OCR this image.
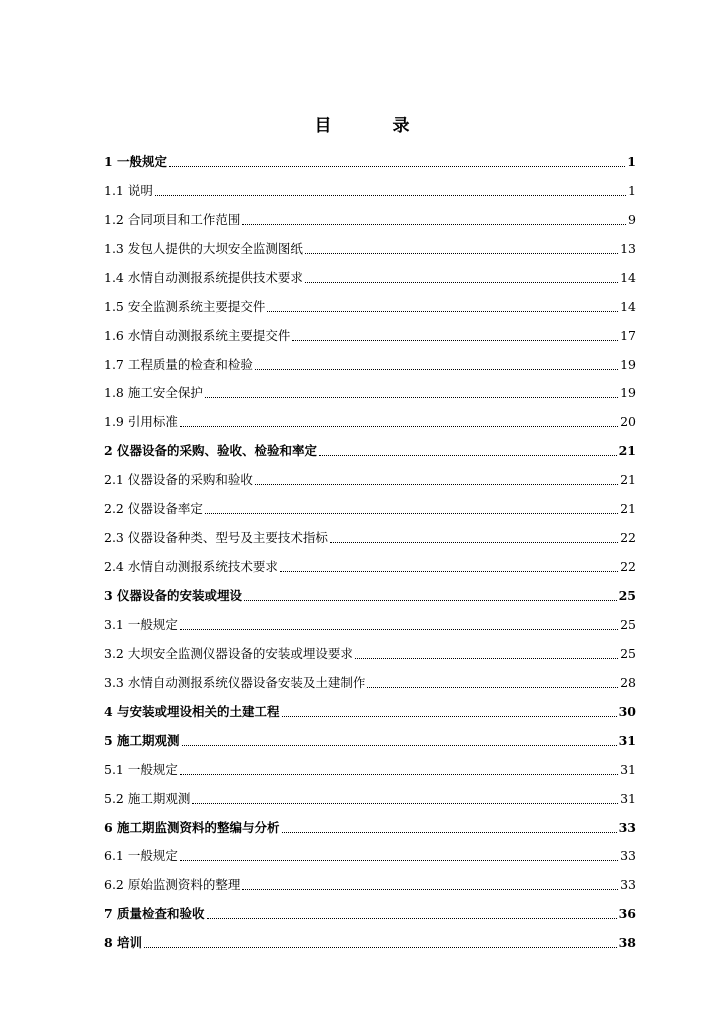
目　录
1 一般规定	1
1.1 说明	1
1.2 合同项目和工作范围	9
1.3 发包人提供的大坝安全监测图纸	13
1.4 水情自动测报系统提供技术要求	14
1.5 安全监测系统主要提交件	14
1.6 水情自动测报系统主要提交件	17
1.7 工程质量的检查和检验	19
1.8 施工安全保护	19
1.9 引用标准	20
2 仪器设备的采购、验收、检验和率定	21
2.1 仪器设备的采购和验收	21
2.2 仪器设备率定	21
2.3 仪器设备种类、型号及主要技术指标	22
2.4 水情自动测报系统技术要求	22
3 仪器设备的安装或埋设	25
3.1 一般规定	25
3.2 大坝安全监测仪器设备的安装或埋设要求	25
3.3 水情自动测报系统仪器设备安装及土建制作	28
4 与安装或埋设相关的土建工程	30
5 施工期观测	31
5.1 一般规定	31
5.2 施工期观测	31
6 施工期监测资料的整编与分析	33
6.1 一般规定	33
6.2 原始监测资料的整理	33
7 质量检查和验收	36
8 培训	38
